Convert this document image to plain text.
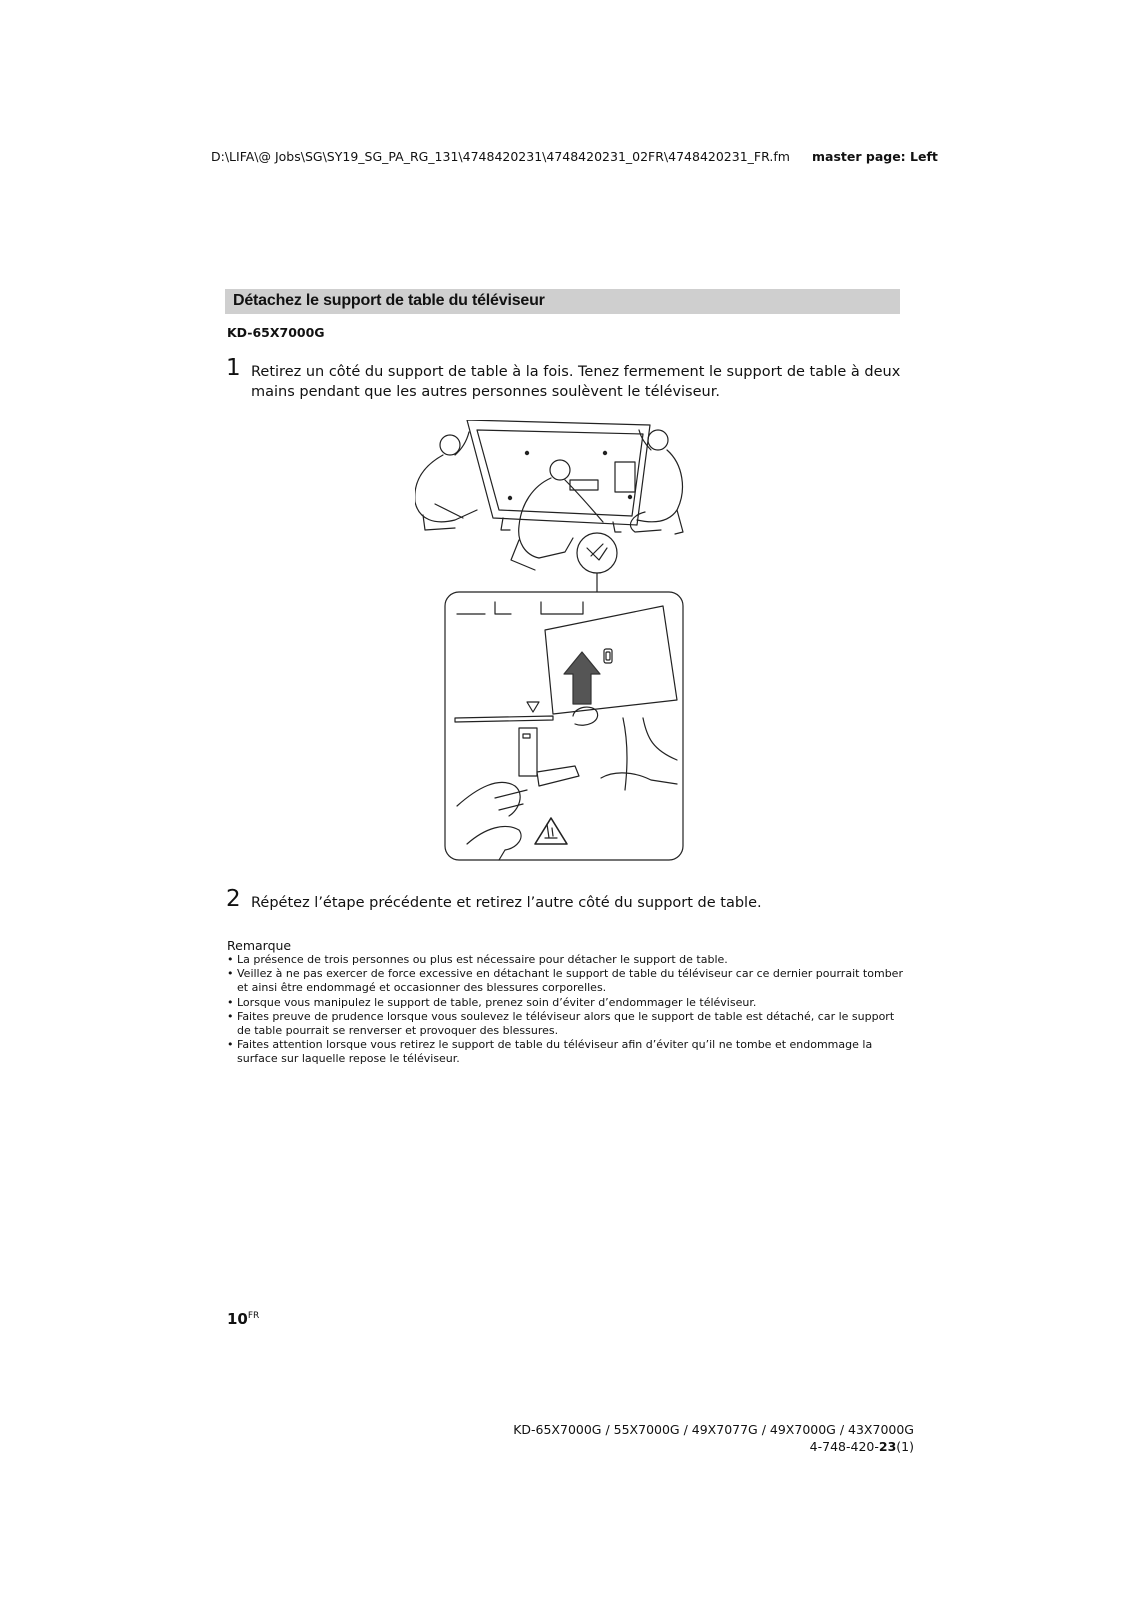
D:\LIFA\@ Jobs\SG\SY19_SG_PA_RG_131\4748420231\4748420231_02FR\4748420231_FR.fm master page: Left
Détachez le support de table du téléviseur
KD-65X7000G
1 Retirez un côté du support de table à la fois. Tenez fermement le support de table à deux mains pendant que les autres personnes soulèvent le téléviseur.
2 Répétez l’étape précédente et retirez l’autre côté du support de table.
Remarque
• La présence de trois personnes ou plus est nécessaire pour détacher le support de table.
• Veillez à ne pas exercer de force excessive en détachant le support de table du téléviseur car ce dernier pourrait tomber et ainsi être endommagé et occasionner des blessures corporelles.
• Lorsque vous manipulez le support de table, prenez soin d’éviter d’endommager le téléviseur.
• Faites preuve de prudence lorsque vous soulevez le téléviseur alors que le support de table est détaché, car le support de table pourrait se renverser et provoquer des blessures.
• Faites attention lorsque vous retirez le support de table du téléviseur afin d’éviter qu’il ne tombe et endommage la surface sur laquelle repose le téléviseur.
$10^{FR}$
KD-65X7000G / 55X7000G / 49X7077G / 49X7000G / 43X7000G
4-748-420-23(1)
